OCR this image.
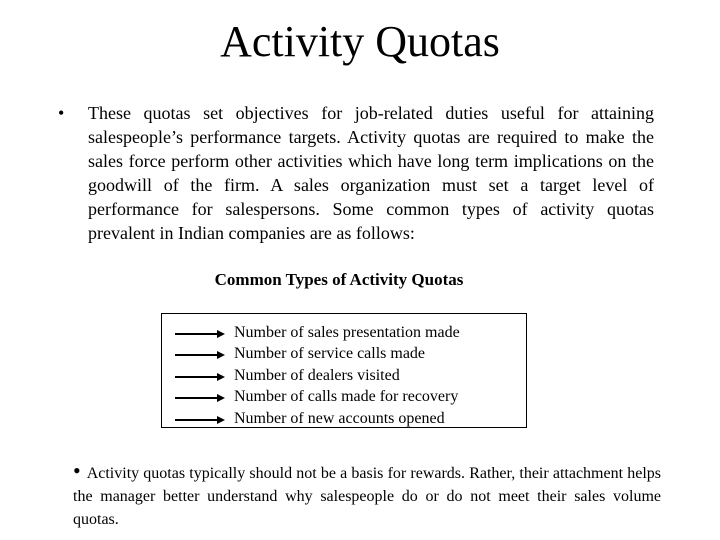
Activity Quotas
• These quotas set objectives for job-related duties useful for attaining salespeople’s performance targets. Activity quotas are required to make the sales force perform other activities which have long term implications on the goodwill of the firm. A sales organization must set a target level of performance for salespersons. Some common types of activity quotas prevalent in Indian companies are as follows:
Common Types of Activity Quotas
Number of sales presentation made
Number of service calls made
Number of dealers visited
Number of calls made for recovery
Number of new accounts opened
• Activity quotas typically should not be a basis for rewards. Rather, their attachment helps the manager better understand why salespeople do or do not meet their sales volume quotas.
